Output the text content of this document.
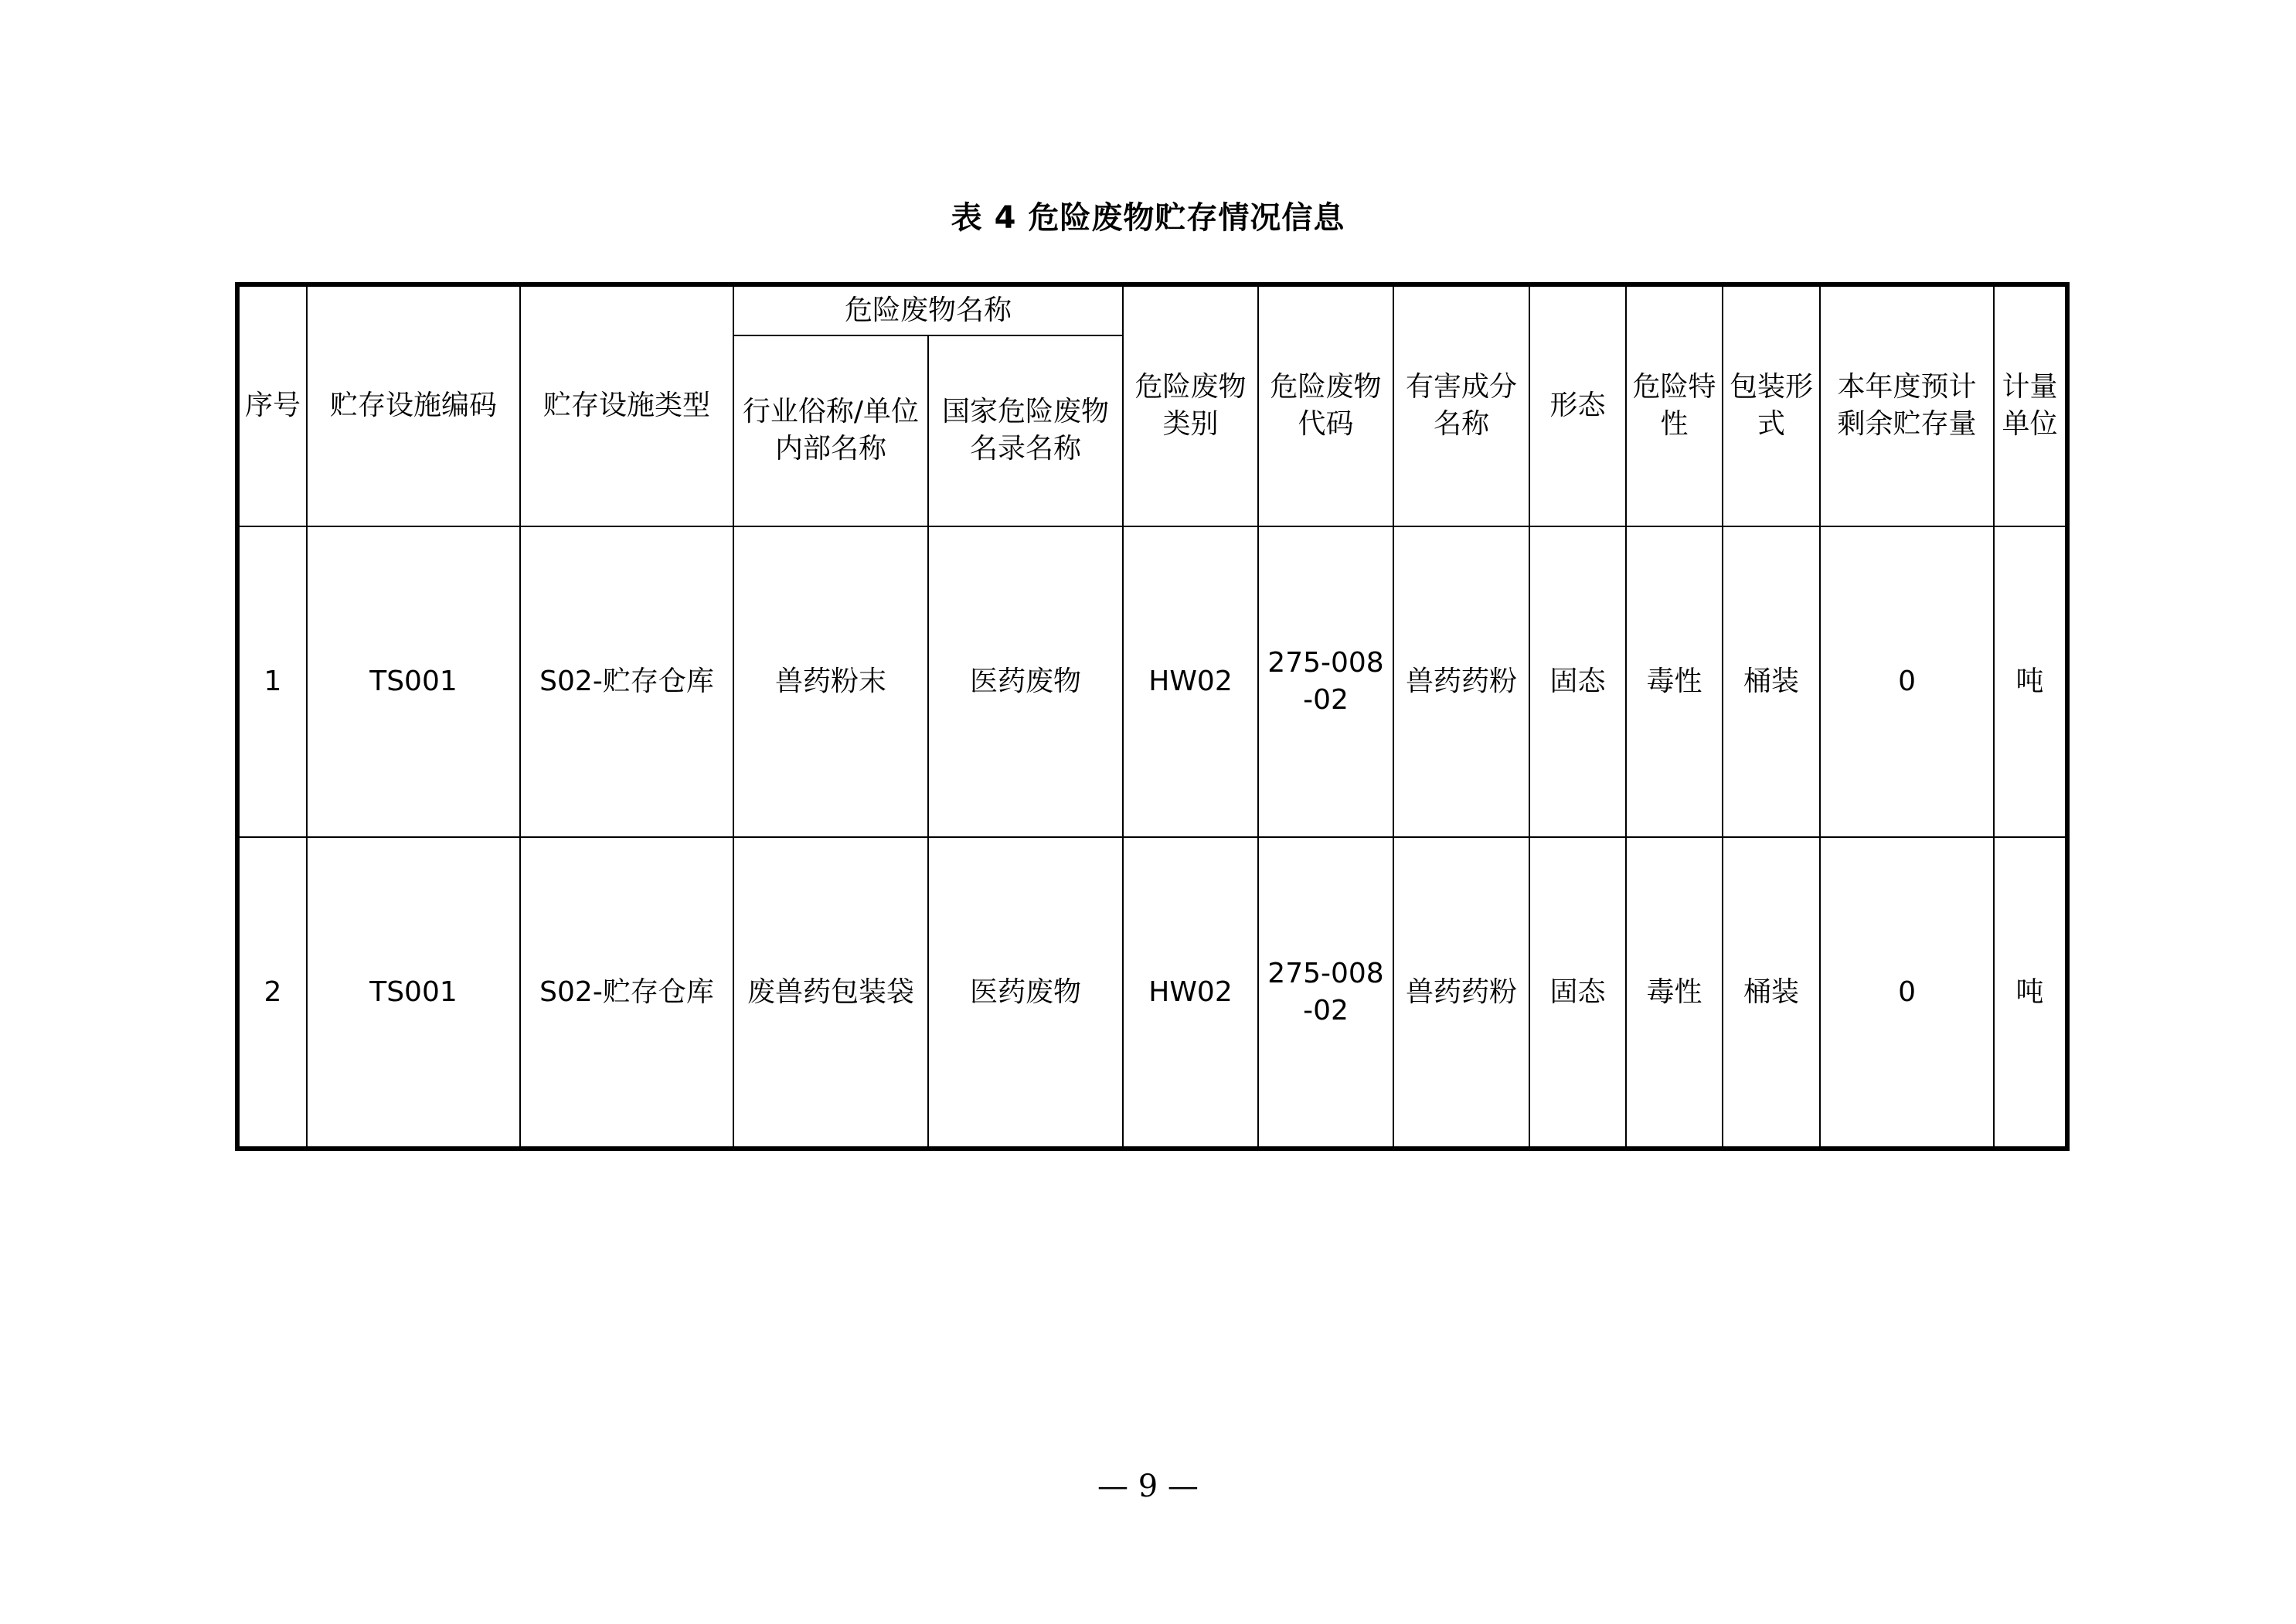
表 4 危险废物贮存情况信息
序号	贮存设施编码	贮存设施类型	危险废物名称		危险废物类别	危险废物代码	有害成分名称	形态	危险特性	包装形式	本年度预计剩余贮存量	计量单位
			行业俗称/单位内部名称	国家危险废物名录名称								
1	TS001	S02-贮存仓库	兽药粉末	医药废物	HW02	275-008-02	兽药药粉	固态	毒性	桶装	0	吨
2	TS001	S02-贮存仓库	废兽药包装袋	医药废物	HW02	275-008-02	兽药药粉	固态	毒性	桶装	0	吨
— 9 —
